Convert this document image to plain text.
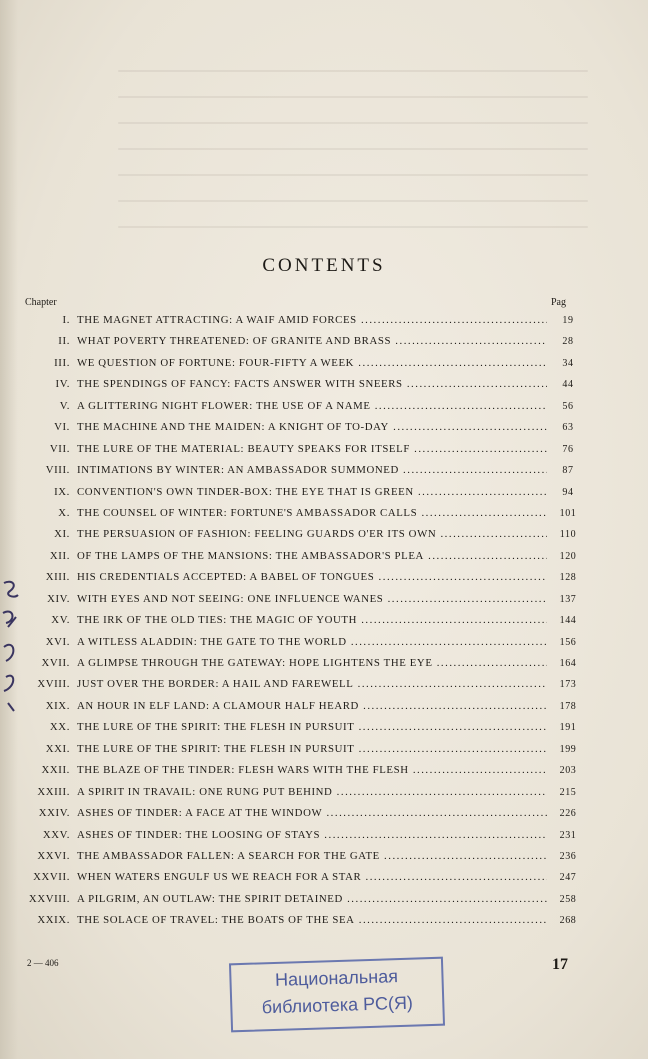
CONTENTS
Chapter	Pag
I. THE MAGNET ATTRACTING: A WAIF AMID FORCES .....	19
II. WHAT POVERTY THREATENED: OF GRANITE AND BRASS .....	28
III. WE QUESTION OF FORTUNE: FOUR-FIFTY A WEEK .....	34
IV. THE SPENDINGS OF FANCY: FACTS ANSWER WITH SNEERS .....	44
V. A GLITTERING NIGHT FLOWER: THE USE OF A NAME .....	56
VI. THE MACHINE AND THE MAIDEN: A KNIGHT OF TO-DAY .....	63
VII. THE LURE OF THE MATERIAL: BEAUTY SPEAKS FOR ITSELF .....	76
VIII. INTIMATIONS BY WINTER: AN AMBASSADOR SUMMONED .....	87
IX. CONVENTION'S OWN TINDER-BOX: THE EYE THAT IS GREEN .....	94
X. THE COUNSEL OF WINTER: FORTUNE'S AMBASSADOR CALLS .....	101
XI. THE PERSUASION OF FASHION: FEELING GUARDS O'ER ITS OWN .....	110
XII. OF THE LAMPS OF THE MANSIONS: THE AMBASSADOR'S PLEA .....	120
XIII. HIS CREDENTIALS ACCEPTED: A BABEL OF TONGUES .....	128
XIV. WITH EYES AND NOT SEEING: ONE INFLUENCE WANES .....	137
XV. THE IRK OF THE OLD TIES: THE MAGIC OF YOUTH .....	144
XVI. A WITLESS ALADDIN: THE GATE TO THE WORLD .....	156
XVII. A GLIMPSE THROUGH THE GATEWAY: HOPE LIGHTENS THE EYE .....	164
XVIII. JUST OVER THE BORDER: A HAIL AND FAREWELL .....	173
XIX. AN HOUR IN ELF LAND: A CLAMOUR HALF HEARD .....	178
XX. THE LURE OF THE SPIRIT: THE FLESH IN PURSUIT .....	191
XXI. THE LURE OF THE SPIRIT: THE FLESH IN PURSUIT .....	199
XXII. THE BLAZE OF THE TINDER: FLESH WARS WITH THE FLESH .....	203
XXIII. A SPIRIT IN TRAVAIL: ONE RUNG PUT BEHIND .....	215
XXIV. ASHES OF TINDER: A FACE AT THE WINDOW .....	226
XXV. ASHES OF TINDER: THE LOOSING OF STAYS .....	231
XXVI. THE AMBASSADOR FALLEN: A SEARCH FOR THE GATE .....	236
XXVII. WHEN WATERS ENGULF US WE REACH FOR A STAR .....	247
XXVIII. A PILGRIM, AN OUTLAW: THE SPIRIT DETAINED .....	258
XXIX. THE SOLACE OF TRAVEL: THE BOATS OF THE SEA .....	268
2 — 406	17
Национальная
библиотека РС(Я)
